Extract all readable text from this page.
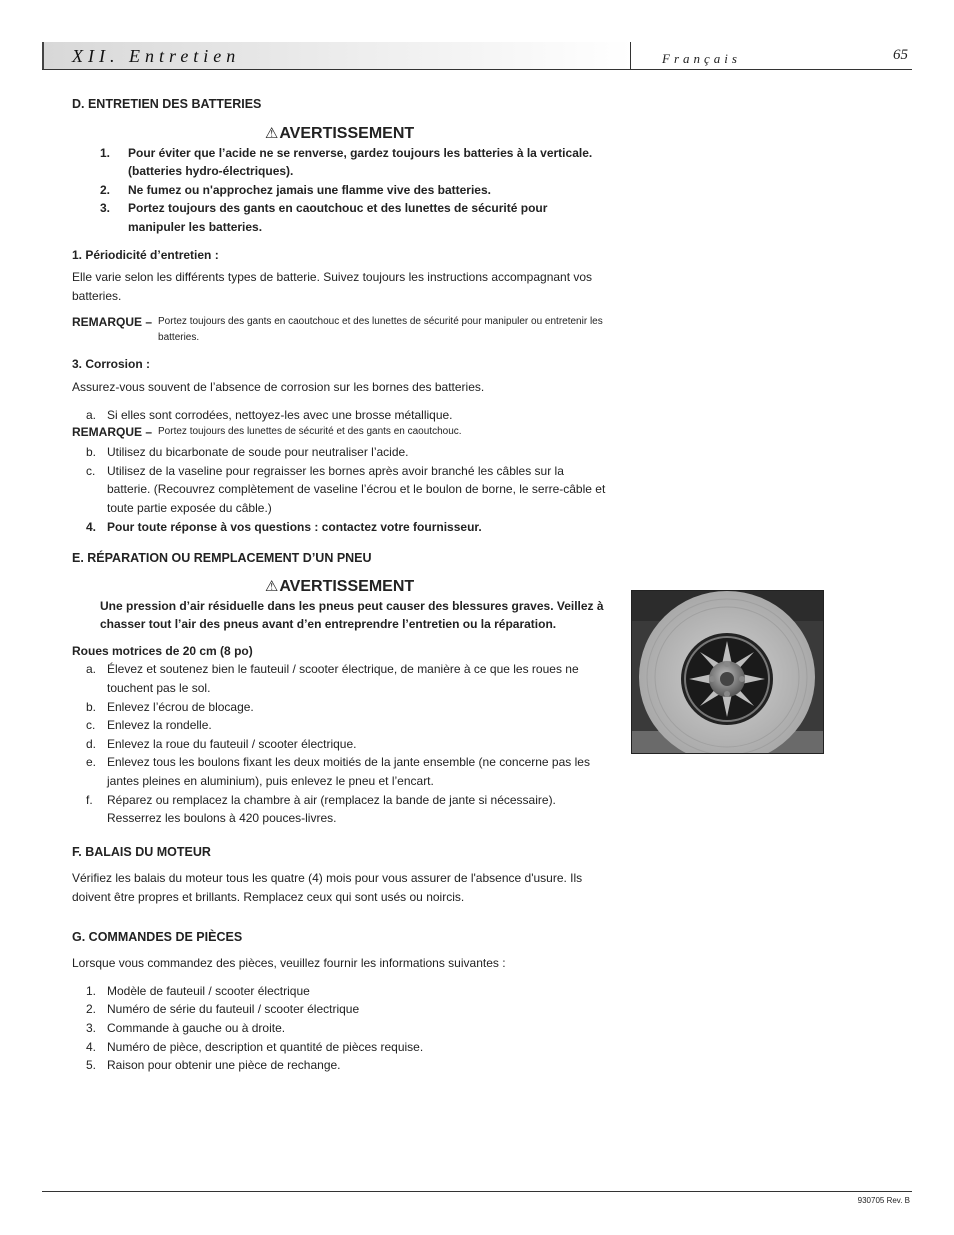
XII. Entretien	Français	65

D. ENTRETIEN DES BATTERIES

⚠AVERTISSEMENT

1. Pour éviter que l’acide ne se renverse, gardez toujours les batteries à la verticale. (batteries hydro-électriques).
2. Ne fumez ou n'approchez jamais une flamme vive des batteries.
3. Portez toujours des gants en caoutchouc et des lunettes de sécurité pour manipuler les batteries.

1. Périodicité d’entretien :

Elle varie selon les différents types de batterie. Suivez toujours les instructions accompagnant vos batteries.

REMARQUE – Portez toujours des gants en caoutchouc et des lunettes de sécurité pour manipuler ou entretenir les batteries.

3. Corrosion :

Assurez-vous souvent de l’absence de corrosion sur les bornes des batteries.

a. Si elles sont corrodées, nettoyez-les avec une brosse métallique.
REMARQUE – Portez toujours des lunettes de sécurité et des gants en caoutchouc.
b. Utilisez du bicarbonate de soude pour neutraliser l’acide.
c. Utilisez de la vaseline pour regraisser les bornes après avoir branché les câbles sur la batterie. (Recouvrez complètement de vaseline l’écrou et le boulon de borne, le serre-câble et toute partie exposée du câble.)
4. Pour toute réponse à vos questions : contactez votre fournisseur.

E. RÉPARATION OU REMPLACEMENT D’UN PNEU

⚠AVERTISSEMENT

Une pression d’air résiduelle dans les pneus peut causer des blessures graves. Veillez à chasser tout l’air des pneus avant d’en entreprendre l’entretien ou la réparation.

Roues motrices de 20 cm (8 po)

a. Élevez et soutenez bien le fauteuil / scooter électrique, de manière à ce que les roues ne touchent pas le sol.
b. Enlevez l’écrou de blocage.
c. Enlevez la rondelle.
d. Enlevez la roue du fauteuil / scooter électrique.
e. Enlevez tous les boulons fixant les deux moitiés de la jante ensemble (ne concerne pas les jantes pleines en aluminium), puis enlevez le pneu et l’encart.
f. Réparez ou remplacez la chambre à air (remplacez la bande de jante si nécessaire). Resserrez les boulons à 420 pouces-livres.

F. BALAIS DU MOTEUR

Vérifiez les balais du moteur tous les quatre (4) mois pour vous assurer de l'absence d'usure. Ils doivent être propres et brillants. Remplacez ceux qui sont usés ou noircis.

G. COMMANDES DE PIÈCES

Lorsque vous commandez des pièces, veuillez fournir les informations suivantes :

1. Modèle de fauteuil / scooter électrique
2. Numéro de série du fauteuil / scooter électrique
3. Commande à gauche ou à droite.
4. Numéro de pièce, description et quantité de pièces requise.
5. Raison pour obtenir une pièce de rechange.
930705 Rev. B
